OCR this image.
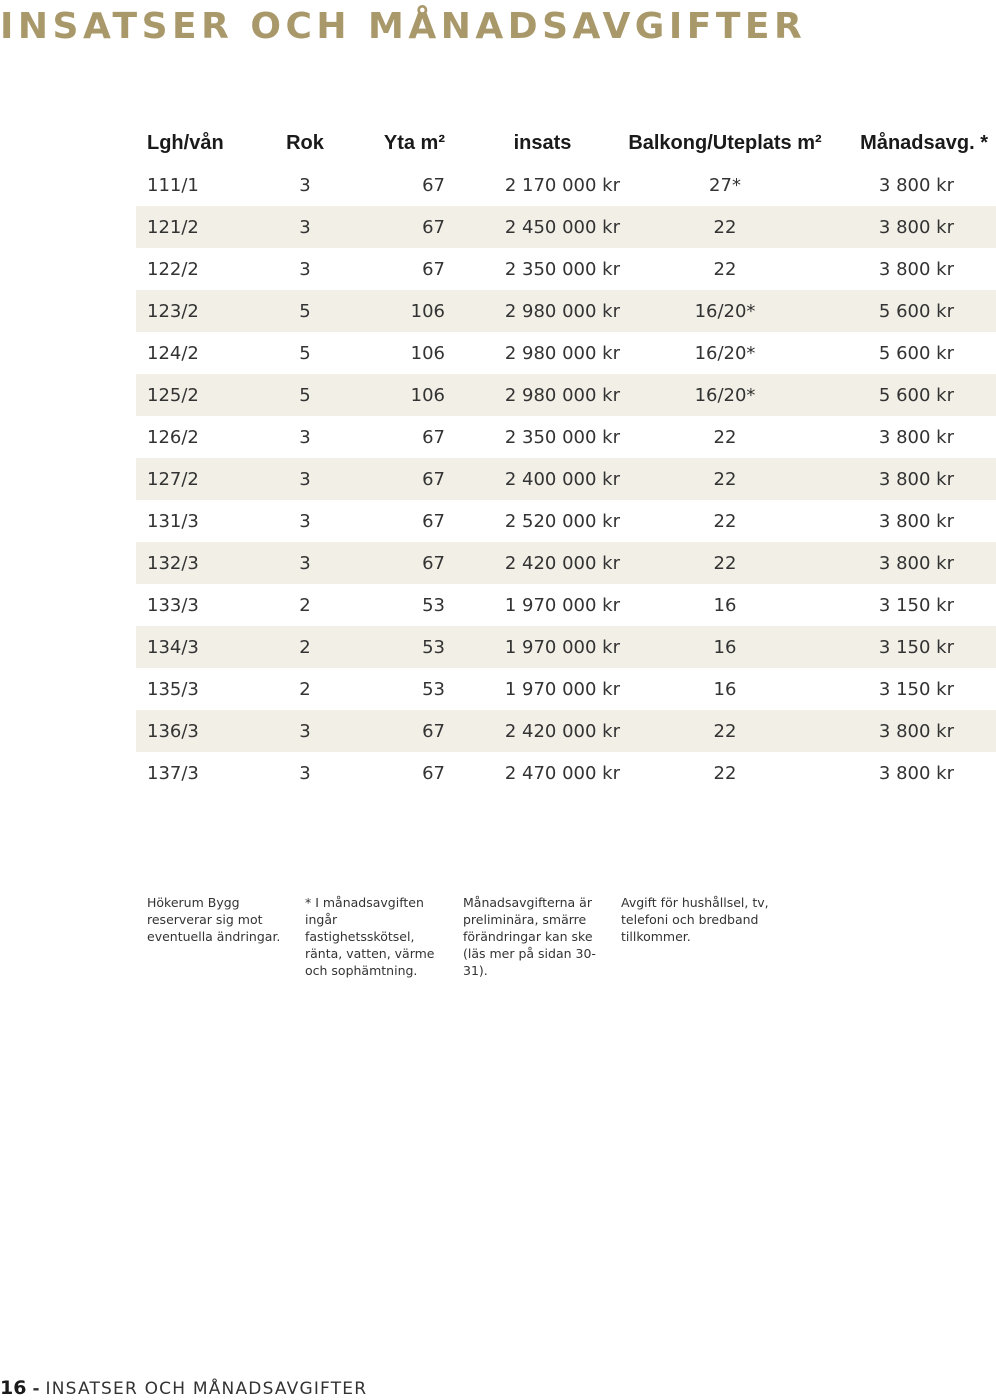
INSATSER OCH MÅNADSAVGIFTER
Lgh/vån	Rok	Yta m²	insats	Balkong/Uteplats m²	Månadsavg. *
111/1	3	67	2 170 000 kr	27*	3 800 kr
121/2	3	67	2 450 000 kr	22	3 800 kr
122/2	3	67	2 350 000 kr	22	3 800 kr
123/2	5	106	2 980 000 kr	16/20*	5 600 kr
124/2	5	106	2 980 000 kr	16/20*	5 600 kr
125/2	5	106	2 980 000 kr	16/20*	5 600 kr
126/2	3	67	2 350 000 kr	22	3 800 kr
127/2	3	67	2 400 000 kr	22	3 800 kr
131/3	3	67	2 520 000 kr	22	3 800 kr
132/3	3	67	2 420 000 kr	22	3 800 kr
133/3	2	53	1 970 000 kr	16	3 150 kr
134/3	2	53	1 970 000 kr	16	3 150 kr
135/3	2	53	1 970 000 kr	16	3 150 kr
136/3	3	67	2 420 000 kr	22	3 800 kr
137/3	3	67	2 470 000 kr	22	3 800 kr

Hökerum Bygg reserverar sig mot eventuella ändringar.

* I månadsavgiften ingår fastighetsskötsel, ränta, vatten, värme och sophämtning.

Månadsavgifterna är preliminära, smärre förändringar kan ske (läs mer på sidan 30-31).

Avgift för hushållsel, tv, telefoni och bredband tillkommer.

16 - INSATSER OCH MÅNADSAVGIFTER
